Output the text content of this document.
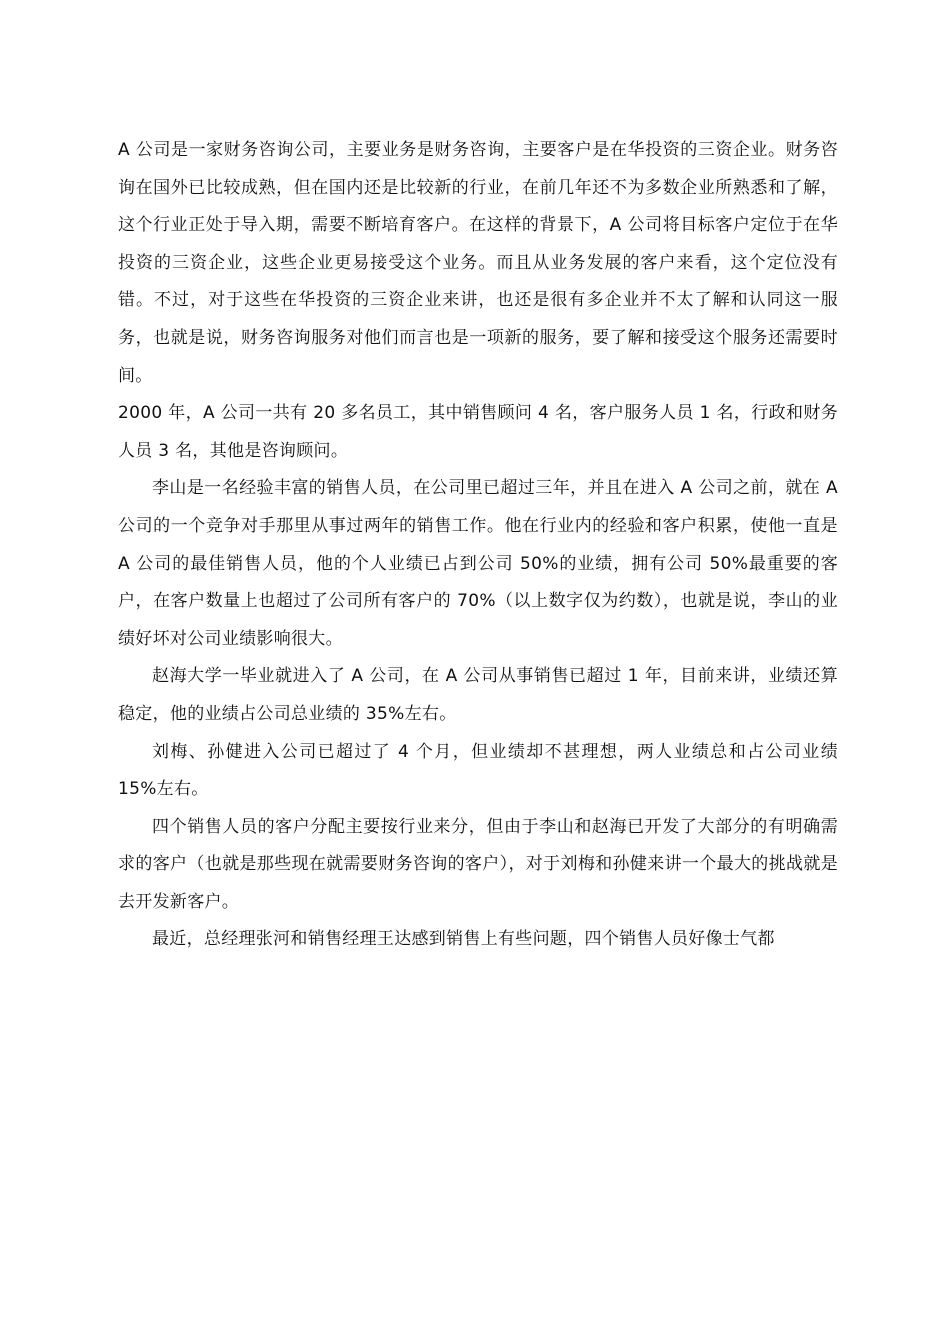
A 公司是一家财务咨询公司，主要业务是财务咨询，主要客户是在华投资的三资企业。财务咨询在国外已比较成熟，但在国内还是比较新的行业，在前几年还不为多数企业所熟悉和了解，这个行业正处于导入期，需要不断培育客户。在这样的背景下，A 公司将目标客户定位于在华投资的三资企业，这些企业更易接受这个业务。而且从业务发展的客户来看，这个定位没有错。不过，对于这些在华投资的三资企业来讲，也还是很有多企业并不太了解和认同这一服务，也就是说，财务咨询服务对他们而言也是一项新的服务，要了解和接受这个服务还需要时间。

2000 年，A 公司一共有 20 多名员工，其中销售顾问 4 名，客户服务人员 1 名，行政和财务人员 3 名，其他是咨询顾问。

李山是一名经验丰富的销售人员，在公司里已超过三年，并且在进入 A 公司之前，就在 A 公司的一个竞争对手那里从事过两年的销售工作。他在行业内的经验和客户积累，使他一直是 A 公司的最佳销售人员，他的个人业绩已占到公司 50%的业绩，拥有公司 50%最重要的客户，在客户数量上也超过了公司所有客户的 70%（以上数字仅为约数），也就是说，李山的业绩好坏对公司业绩影响很大。

赵海大学一毕业就进入了 A 公司，在 A 公司从事销售已超过 1 年，目前来讲，业绩还算稳定，他的业绩占公司总业绩的 35%左右。

刘梅、孙健进入公司已超过了 4 个月，但业绩却不甚理想，两人业绩总和占公司业绩 15%左右。

四个销售人员的客户分配主要按行业来分，但由于李山和赵海已开发了大部分的有明确需求的客户（也就是那些现在就需要财务咨询的客户），对于刘梅和孙健来讲一个最大的挑战就是去开发新客户。

最近，总经理张河和销售经理王达感到销售上有些问题，四个销售人员好像士气都
